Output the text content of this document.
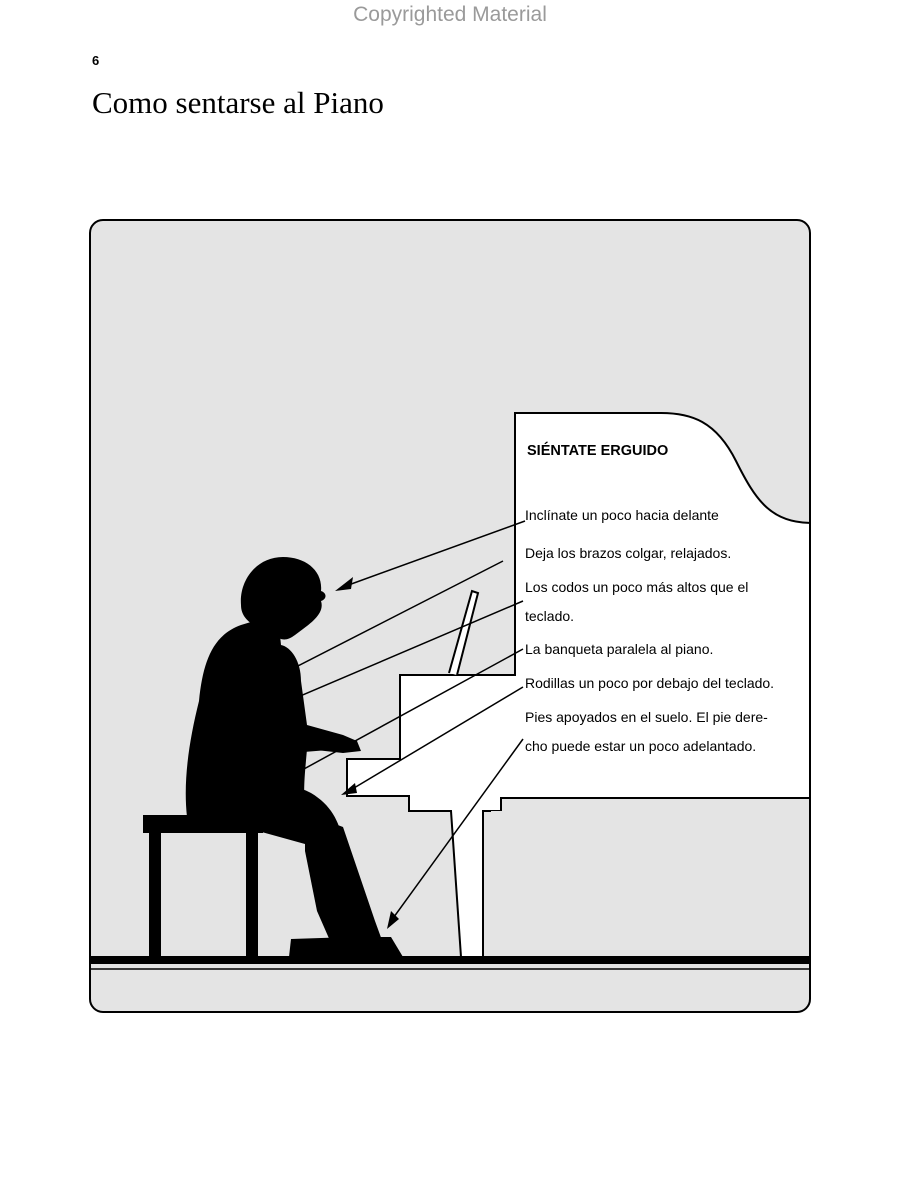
Copyrighted Material
6
Como sentarse al Piano
SIÉNTATE ERGUIDO
Inclínate un poco hacia delante
Deja los brazos colgar, relajados.
Los codos un poco más altos que el
teclado.
La banqueta paralela al piano.
Rodillas un poco por debajo del teclado.
Pies apoyados en el suelo. El pie dere-
cho puede estar un poco adelantado.
